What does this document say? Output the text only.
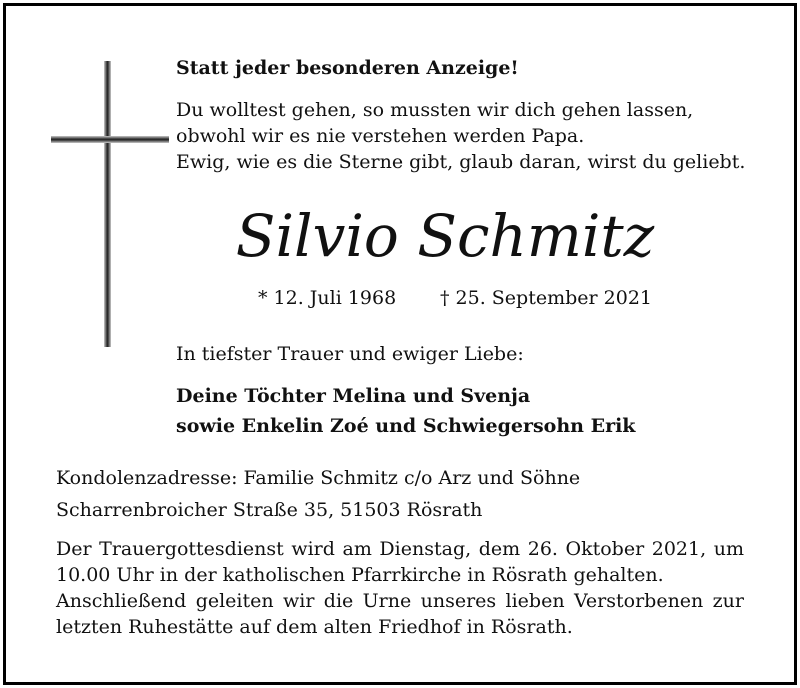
Statt jeder besonderen Anzeige!
Du wolltest gehen, so mussten wir dich gehen lassen,
obwohl wir es nie verstehen werden Papa.
Ewig, wie es die Sterne gibt, glaub daran, wirst du geliebt.
Silvio Schmitz
* 12. Juli 1968 † 25. September 2021
In tiefster Trauer und ewiger Liebe:
Deine Töchter Melina und Svenja
sowie Enkelin Zoé und Schwiegersohn Erik
Kondolenzadresse: Familie Schmitz c/o Arz und Söhne
Scharrenbroicher Straße 35, 51503 Rösrath
Der Trauergottesdienst wird am Dienstag, dem 26. Oktober 2021, um
10.00 Uhr in der katholischen Pfarrkirche in Rösrath gehalten.
Anschließend geleiten wir die Urne unseres lieben Verstorbenen zur
letzten Ruhestätte auf dem alten Friedhof in Rösrath.
